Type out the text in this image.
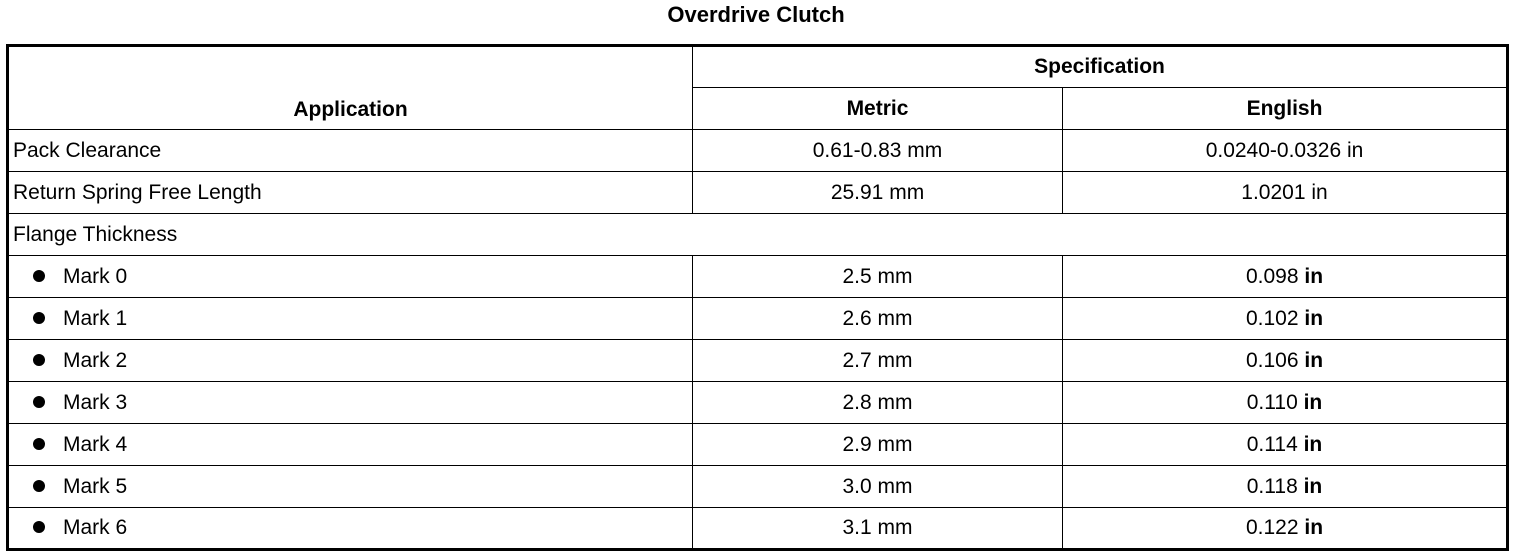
Overdrive Clutch
Application	Specification	
	Metric	English
Pack Clearance	0.61-0.83 mm	0.0240-0.0326 in
Return Spring Free Length	25.91 mm	1.0201 in
Flange Thickness		
Mark 0	2.5 mm	0.098 in
Mark 1	2.6 mm	0.102 in
Mark 2	2.7 mm	0.106 in
Mark 3	2.8 mm	0.110 in
Mark 4	2.9 mm	0.114 in
Mark 5	3.0 mm	0.118 in
Mark 6	3.1 mm	0.122 in
